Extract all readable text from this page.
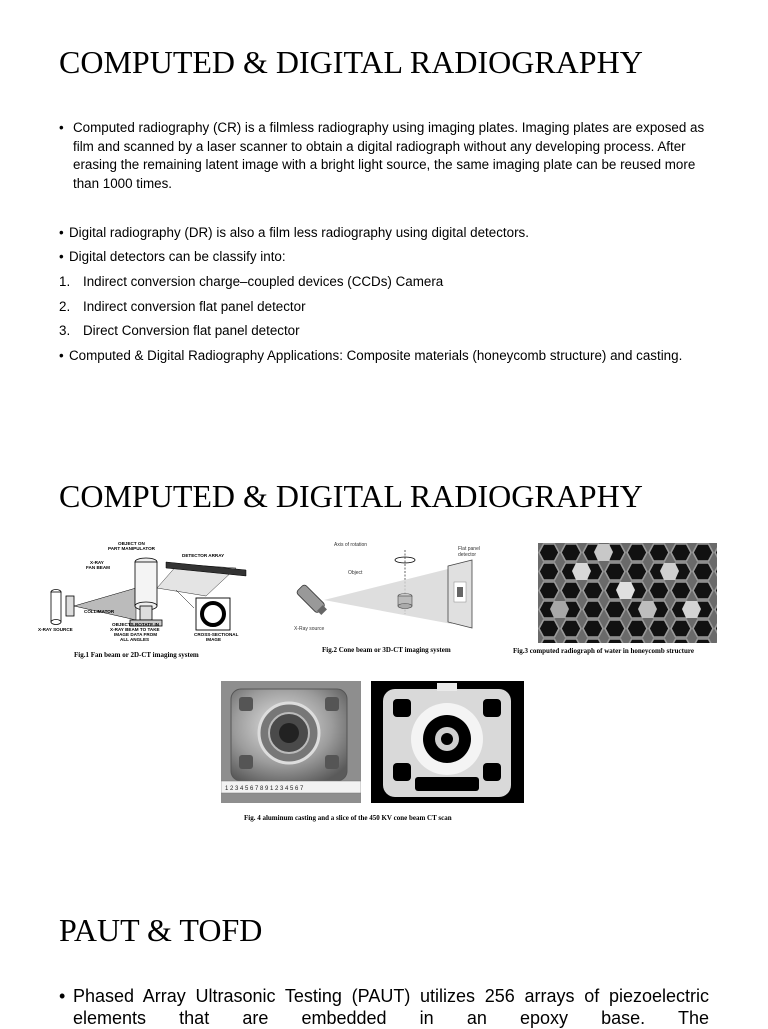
COMPUTED & DIGITAL RADIOGRAPHY
• Computed radiography (CR) is a filmless radiography using imaging plates. Imaging plates are exposed as film and scanned by a laser scanner to obtain a digital radiograph without any developing process. After erasing the remaining latent image with a bright light source, the same imaging plate can be reused more than 1000 times.
• Digital radiography (DR) is also a film less radiography using digital detectors.
• Digital detectors can be classify into:
1. Indirect conversion charge–coupled devices (CCDs) Camera
2. Indirect conversion flat panel detector
3. Direct Conversion flat panel detector
• Computed & Digital Radiography Applications: Composite materials (honeycomb structure) and casting.
COMPUTED & DIGITAL RADIOGRAPHY
OBJECT ON
PART MANIPULATOR
X-RAY
FAN BEAM
DETECTOR ARRAY
COLLIMATOR
X-RAY SOURCE
OBJECTS ROTATE IN
X-RAY BEAM TO TAKE
IMAGE DATA FROM
ALL ANGLES
CROSS-SECTIONAL
IMAGE
Fig.1 Fan beam or 2D-CT imaging system
Axis of rotation
Flat panel
detector
Object
X-Ray source
Fig.2 Cone beam or 3D-CT imaging system	Fig.3 computed radiograph of water in honeycomb structure
1 2 3 4 5 6 7 8 9 1 2 3 4 5 6 7
Fig. 4 aluminum casting and a slice of the 450 KV cone beam CT scan
PAUT & TOFD
• Phased Array Ultrasonic Testing (PAUT) utilizes 256 arrays of piezoelectric elements that are embedded in an epoxy base. The
